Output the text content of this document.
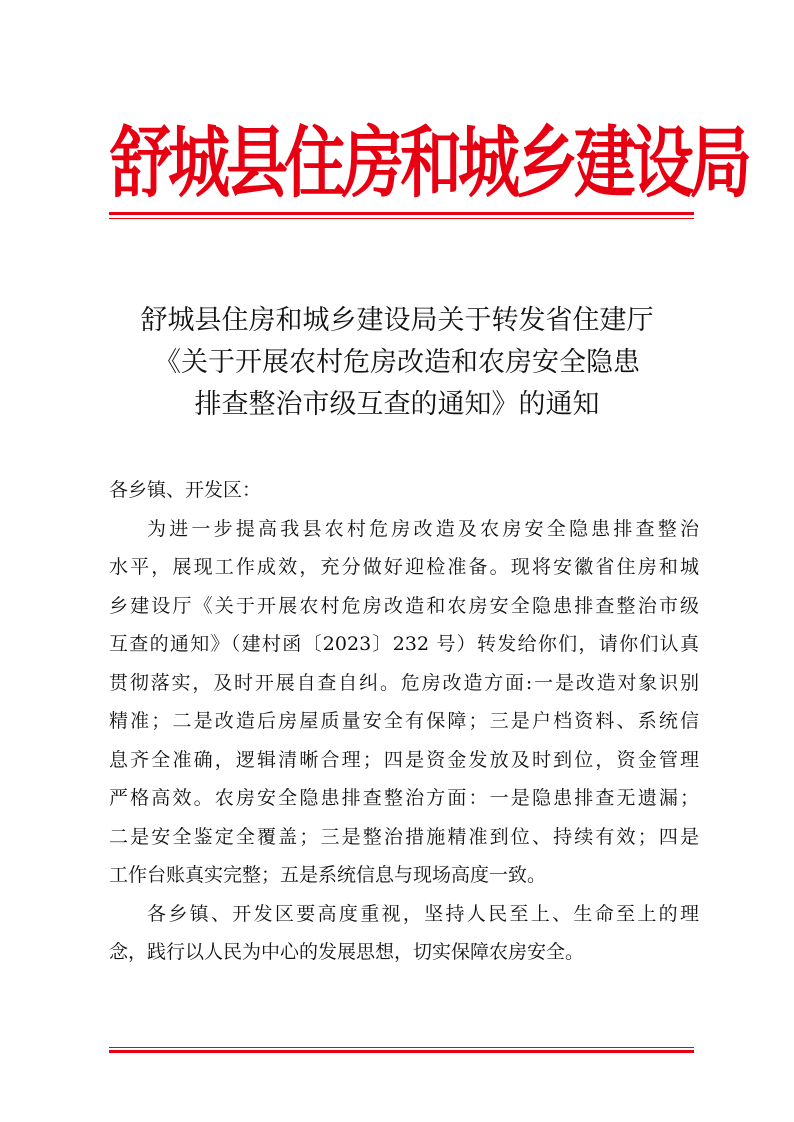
舒城县住房和城乡建设局
舒城县住房和城乡建设局关于转发省住建厅
《关于开展农村危房改造和农房安全隐患
排查整治市级互查的通知》的通知
各乡镇、开发区：
为进一步提高我县农村危房改造及农房安全隐患排查整治
水平，展现工作成效，充分做好迎检准备。现将安徽省住房和城
乡建设厅《关于开展农村危房改造和农房安全隐患排查整治市级
互查的通知》（建村函〔2023〕232 号）转发给你们，请你们认真
贯彻落实，及时开展自查自纠。危房改造方面:一是改造对象识别
精准；二是改造后房屋质量安全有保障；三是户档资料、系统信
息齐全准确，逻辑清晰合理；四是资金发放及时到位，资金管理
严格高效。农房安全隐患排查整治方面：一是隐患排查无遗漏；
二是安全鉴定全覆盖；三是整治措施精准到位、持续有效；四是
工作台账真实完整；五是系统信息与现场高度一致。
各乡镇、开发区要高度重视，坚持人民至上、生命至上的理
念，践行以人民为中心的发展思想，切实保障农房安全。
